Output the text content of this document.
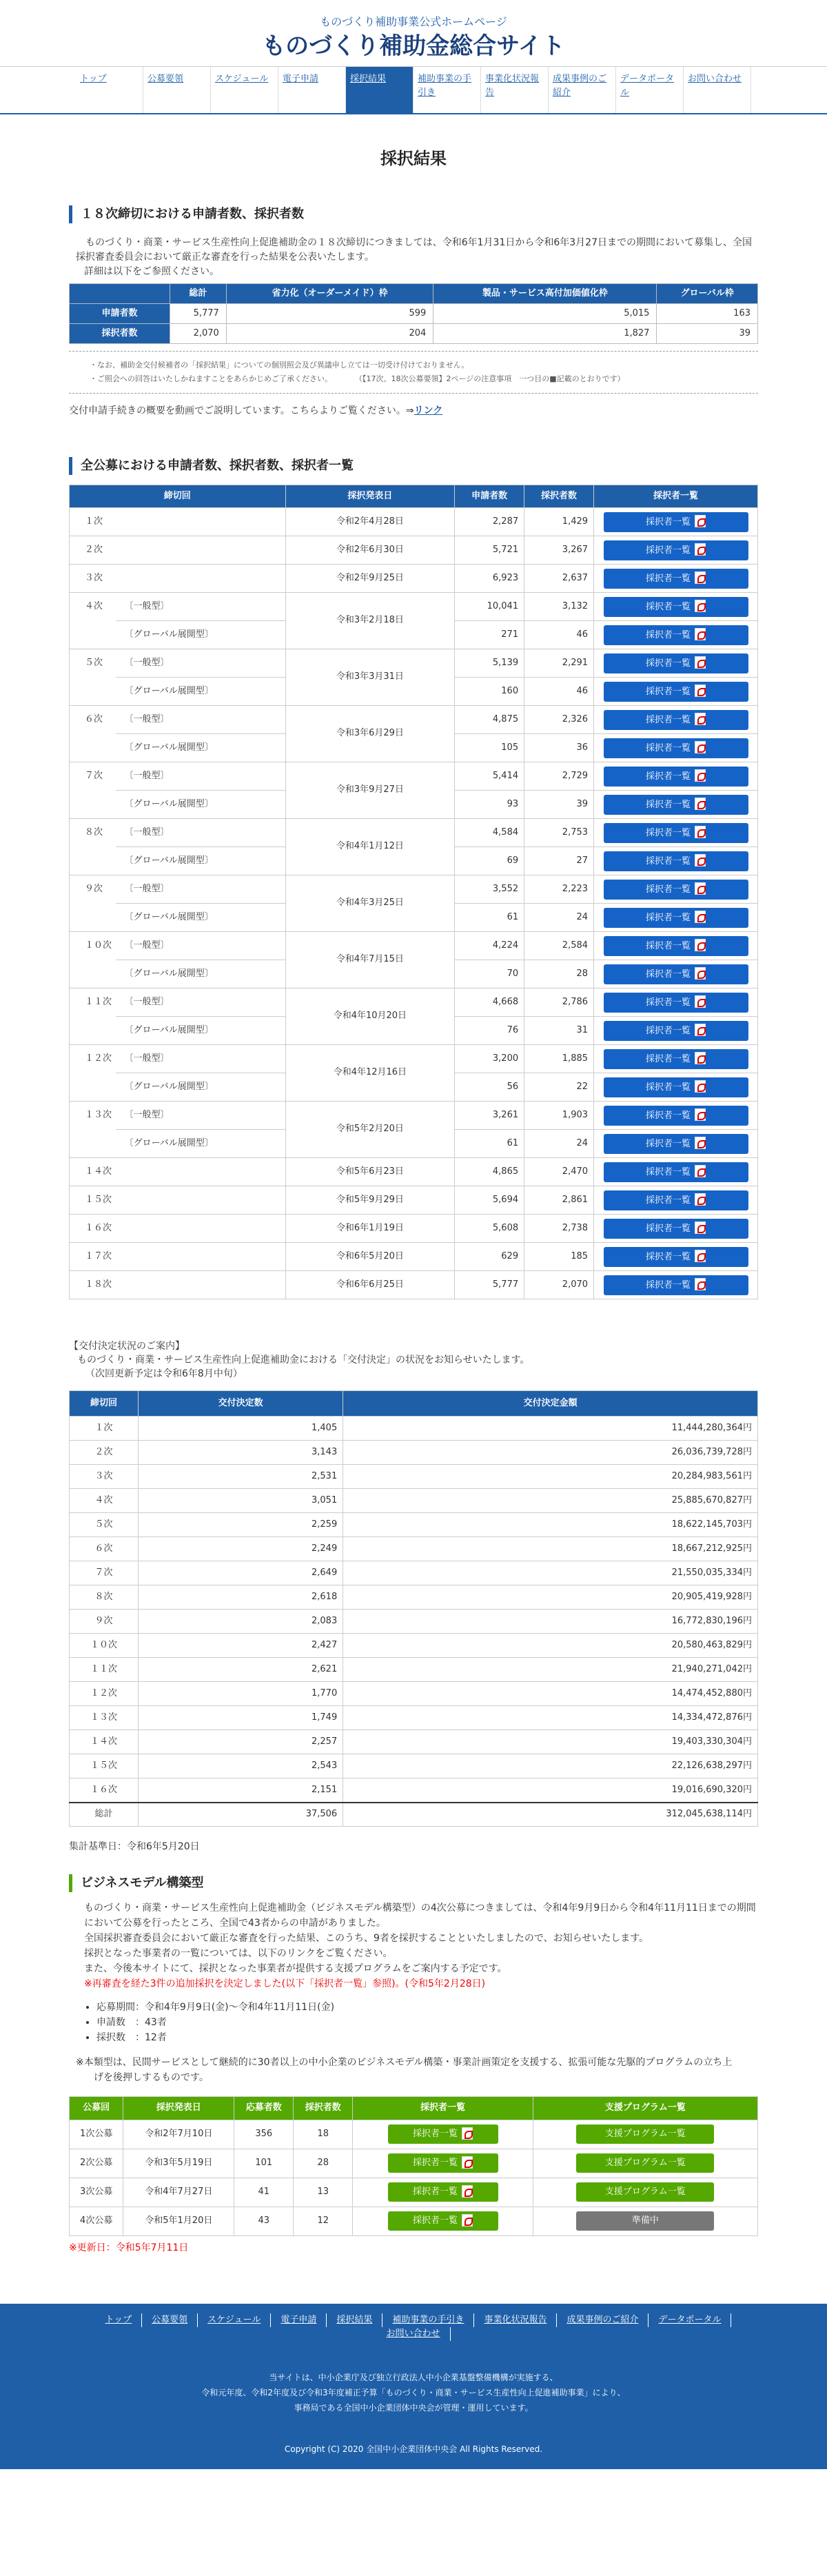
ものづくり補助事業公式ホームページ
ものづくり補助金総合サイト
トップ	公募要領	スケジュール	電子申請	採択結果	補助事業の手引き
事業化状況報告
成果事例のご紹介
データポータル
お問い合わせ
採択結果
１８次締切における申請者数、採択者数

ものづくり・商業・サービス生産性向上促進補助金の１８次締切につきましては、令和6年1月31日から令和6年3月27日までの期間において募集し、全国採択審査委員会において厳正な審査を行った結果を公表いたします。

詳細は以下をご参照ください。
	総計	省力化（オーダーメイド）枠	製品・サービス高付加価値化枠	グローバル枠
申請者数	5,777	599	5,015	163
採択者数	2,070	204	1,827	39
・なお、補助金交付候補者の「採択結果」についての個別照会及び異議申し立ては一切受け付けておりません。
・ご照会への回答はいたしかねますことをあらかじめご了承ください。　　　　（【17次、18次公募要領】2ページの注意事項　一つ目の■記載のとおりです）
交付申請手続きの概要を動画でご説明しています。こちらよりご覧ください。⇒リンク
全公募における申請者数、採択者数、採択者一覧
締切回		採択発表日	申請者数	採択者数	採択者一覧
１次		令和2年4月28日	2,287	1,429	採択者一覧
２次		令和2年6月30日	5,721	3,267	採択者一覧
３次		令和2年9月25日	6,923	2,637	採択者一覧
４次	〔一般型〕	令和3年2月18日	10,041	3,132	採択者一覧
	〔グローバル展開型〕		271	46	採択者一覧
５次	〔一般型〕	令和3年3月31日	5,139	2,291	採択者一覧
	〔グローバル展開型〕		160	46	採択者一覧
６次	〔一般型〕	令和3年6月29日	4,875	2,326	採択者一覧
	〔グローバル展開型〕		105	36	採択者一覧
７次	〔一般型〕	令和3年9月27日	5,414	2,729	採択者一覧
	〔グローバル展開型〕		93	39	採択者一覧
８次	〔一般型〕	令和4年1月12日	4,584	2,753	採択者一覧
	〔グローバル展開型〕		69	27	採択者一覧
９次	〔一般型〕	令和4年3月25日	3,552	2,223	採択者一覧
	〔グローバル展開型〕		61	24	採択者一覧
１０次	〔一般型〕	令和4年7月15日	4,224	2,584	採択者一覧
	〔グローバル展開型〕		70	28	採択者一覧
１１次	〔一般型〕	令和4年10月20日	4,668	2,786	採択者一覧
	〔グローバル展開型〕		76	31	採択者一覧
１２次	〔一般型〕	令和4年12月16日	3,200	1,885	採択者一覧
	〔グローバル展開型〕		56	22	採択者一覧
１３次	〔一般型〕	令和5年2月20日	3,261	1,903	採択者一覧
	〔グローバル展開型〕		61	24	採択者一覧
１４次		令和5年6月23日	4,865	2,470	採択者一覧
１５次		令和5年9月29日	5,694	2,861	採択者一覧
１６次		令和6年1月19日	5,608	2,738	採択者一覧
１７次		令和6年5月20日	629	185	採択者一覧
１８次		令和6年6月25日	5,777	2,070	採択者一覧
【交付決定状況のご案内】
ものづくり・商業・サービス生産性向上促進補助金における「交付決定」の状況をお知らせいたします。
（次回更新予定は令和6年8月中旬）
締切回	交付決定数	交付決定金額
１次	1,405	11,444,280,364円
２次	3,143	26,036,739,728円
３次	2,531	20,284,983,561円
４次	3,051	25,885,670,827円
５次	2,259	18,622,145,703円
６次	2,249	18,667,212,925円
７次	2,649	21,550,035,334円
８次	2,618	20,905,419,928円
９次	2,083	16,772,830,196円
１０次	2,427	20,580,463,829円
１１次	2,621	21,940,271,042円
１２次	1,770	14,474,452,880円
１３次	1,749	14,334,472,876円
１４次	2,257	19,403,330,304円
１５次	2,543	22,126,638,297円
１６次	2,151	19,016,690,320円
総計	37,506	312,045,638,114円
集計基準日：令和6年5月20日
ビジネスモデル構築型
ものづくり・商業・サービス生産性向上促進補助金（ビジネスモデル構築型）の4次公募につきましては、令和4年9月9日から令和4年11月11日までの期間において公募を行ったところ、全国で43者からの申請がありました。
全国採択審査委員会において厳正な審査を行った結果、このうち、9者を採択することといたしましたので、お知らせいたします。
採択となった事業者の一覧については、以下のリンクをご覧ください。
また、今後本サイトにて、採択となった事業者が提供する支援プログラムをご案内する予定です。
※再審査を経た3件の追加採択を決定しました(以下「採択者一覧」参照)。(令和5年2月28日)
• 応募期間：令和4年9月9日(金)〜令和4年11月11日(金)
• 申請数　：43者
• 採択数　：12者
※本類型は、民間サービスとして継続的に30者以上の中小企業のビジネスモデル構築・事業計画策定を支援する、拡張可能な先駆的プログラムの立ち上
げを後押しするものです。
公募回	採択発表日	応募者数	採択者数	採択者一覧	支援プログラム一覧
1次公募	令和2年7月10日	356	18	採択者一覧	支援プログラム一覧
2次公募	令和3年5月19日	101	28	採択者一覧	支援プログラム一覧
3次公募	令和4年7月27日	41	13	採択者一覧	支援プログラム一覧
4次公募	令和5年1月20日	43	12	採択者一覧	準備中
※更新日：令和5年7月11日
トップ 公募要領 スケジュール 電子申請 採択結果 補助事業の手引き 事業化状況報告 成果事例のご紹介 データポータルお問い合わせ
当サイトは、中小企業庁及び独立行政法人中小企業基盤整備機構が実施する、
令和元年度、令和2年度及び令和3年度補正予算「ものづくり・商業・サービス生産性向上促進補助事業」により、
事務局である全国中小企業団体中央会が管理・運用しています。
Copyright (C) 2020 全国中小企業団体中央会 All Rights Reserved.
